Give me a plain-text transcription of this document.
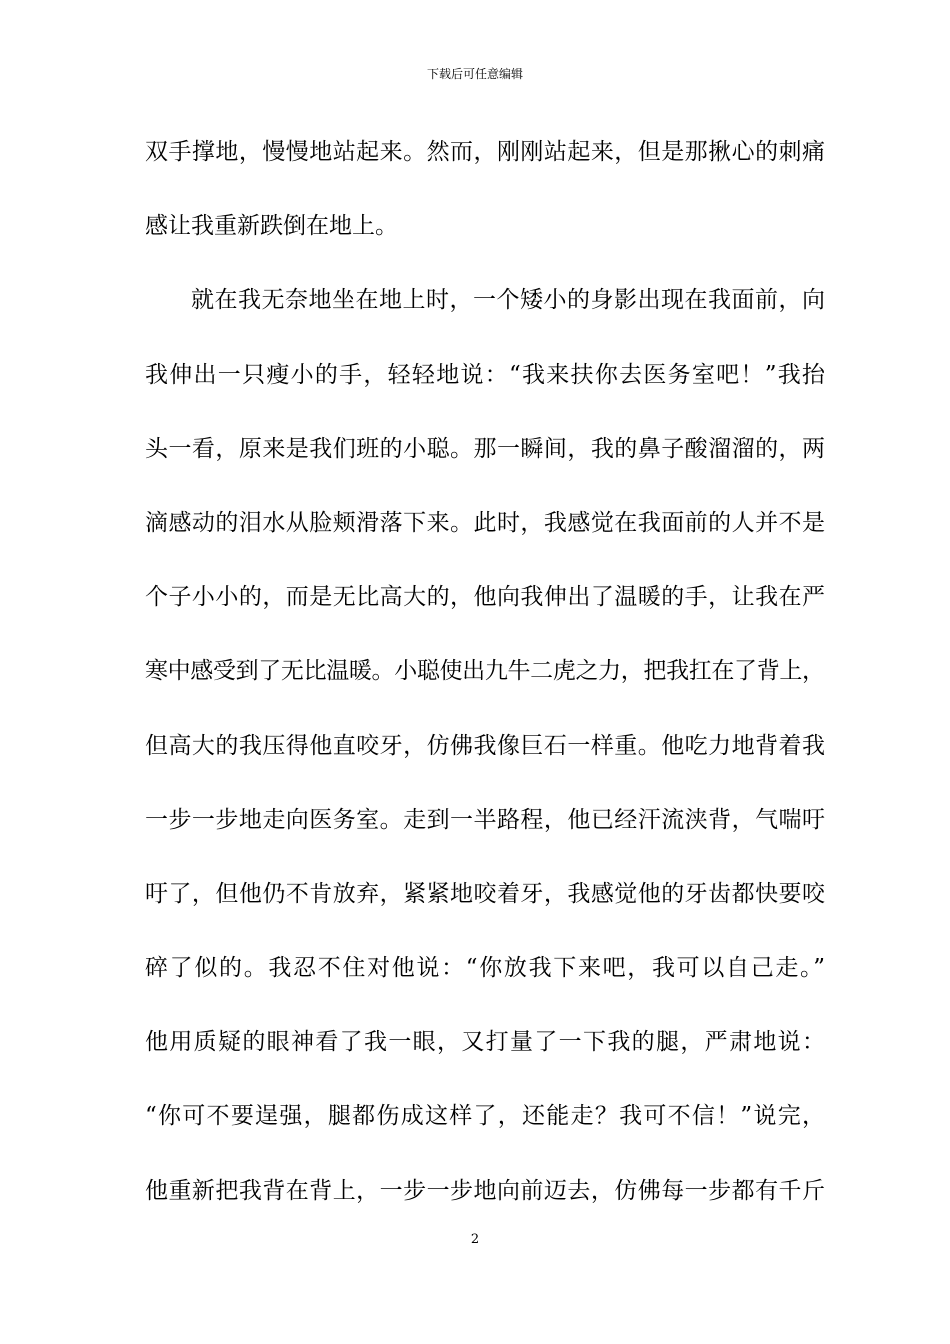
下载后可任意编辑
双手撑地，慢慢地站起来。然而，刚刚站起来，但是那揪心的刺痛
感让我重新跌倒在地上。
就在我无奈地坐在地上时，一个矮小的身影出现在我面前，向
我伸出一只瘦小的手，轻轻地说：“我来扶你去医务室吧！”我抬
头一看，原来是我们班的小聪。那一瞬间，我的鼻子酸溜溜的，两
滴感动的泪水从脸颊滑落下来。此时，我感觉在我面前的人并不是
个子小小的，而是无比高大的，他向我伸出了温暖的手，让我在严
寒中感受到了无比温暖。小聪使出九牛二虎之力，把我扛在了背上，
但高大的我压得他直咬牙，仿佛我像巨石一样重。他吃力地背着我
一步一步地走向医务室。走到一半路程，他已经汗流浃背，气喘吁
吁了，但他仍不肯放弃，紧紧地咬着牙，我感觉他的牙齿都快要咬
碎了似的。我忍不住对他说：“你放我下来吧，我可以自己走。”
他用质疑的眼神看了我一眼，又打量了一下我的腿，严肃地说：
“你可不要逞强，腿都伤成这样了，还能走？我可不信！”说完，
他重新把我背在背上，一步一步地向前迈去，仿佛每一步都有千斤
2
